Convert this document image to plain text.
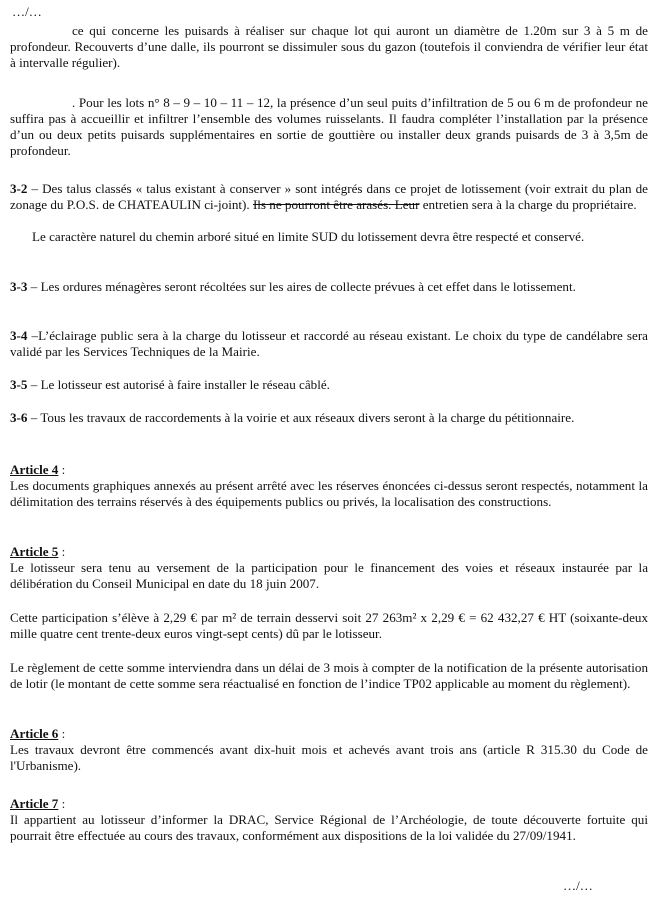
…/…

ce qui concerne les puisards à réaliser sur chaque lot qui auront un diamètre de 1.20m sur 3 à 5 m de profondeur. Recouverts d’une dalle, ils pourront se dissimuler sous du gazon (toutefois il conviendra de vérifier leur état à intervalle régulier).

. Pour les lots n° 8 – 9 – 10 – 11 – 12, la présence d’un seul puits d’infiltration de 5 ou 6 m de profondeur ne suffira pas à accueillir et infiltrer l’ensemble des volumes ruisselants. Il faudra compléter l’installation par la présence d’un ou deux petits puisards supplémentaires en sortie de gouttière ou installer deux grands puisards de 3 à 3,5m de profondeur.

3-2 – Des talus classés « talus existant à conserver » sont intégrés dans ce projet de lotissement (voir extrait du plan de zonage du P.O.S. de CHATEAULIN ci-joint). Ils ne pourront être arasés. Leur entretien sera à la charge du propriétaire.

Le caractère naturel du chemin arboré situé en limite SUD du lotissement devra être respecté et conservé.

3-3 – Les ordures ménagères seront récoltées sur les aires de collecte prévues à cet effet dans le lotissement.

3-4 –L’éclairage public sera à la charge du lotisseur et raccordé au réseau existant. Le choix du type de candélabre sera validé par les Services Techniques de la Mairie.

3-5 – Le lotisseur est autorisé à faire installer le réseau câblé.

3-6 – Tous les travaux de raccordements à la voirie et aux réseaux divers seront à la charge du pétitionnaire.

Article 4 :

Les documents graphiques annexés au présent arrêté avec les réserves énoncées ci-dessus seront respectés, notamment la délimitation des terrains réservés à des équipements publics ou privés, la localisation des constructions.

Article 5 :

Le lotisseur sera tenu au versement de la participation pour le financement des voies et réseaux instaurée par la délibération du Conseil Municipal en date du 18 juin 2007.

Cette participation s’élève à 2,29 € par m² de terrain desservi soit 27 263m² x 2,29 € = 62 432,27 € HT (soixante-deux mille quatre cent trente-deux euros vingt-sept cents) dû par le lotisseur.

Le règlement de cette somme interviendra dans un délai de 3 mois à compter de la notification de la présente autorisation de lotir (le montant de cette somme sera réactualisé en fonction de l’indice TP02 applicable au moment du règlement).

Article 6 :

Les travaux devront être commencés avant dix-huit mois et achevés avant trois ans (article R 315.30 du Code de l'Urbanisme).

Article 7 :

Il appartient au lotisseur d’informer la DRAC, Service Régional de l’Archéologie, de toute découverte fortuite qui pourrait être effectuée au cours des travaux, conformément aux dispositions de la loi validée du 27/09/1941.

…/…
